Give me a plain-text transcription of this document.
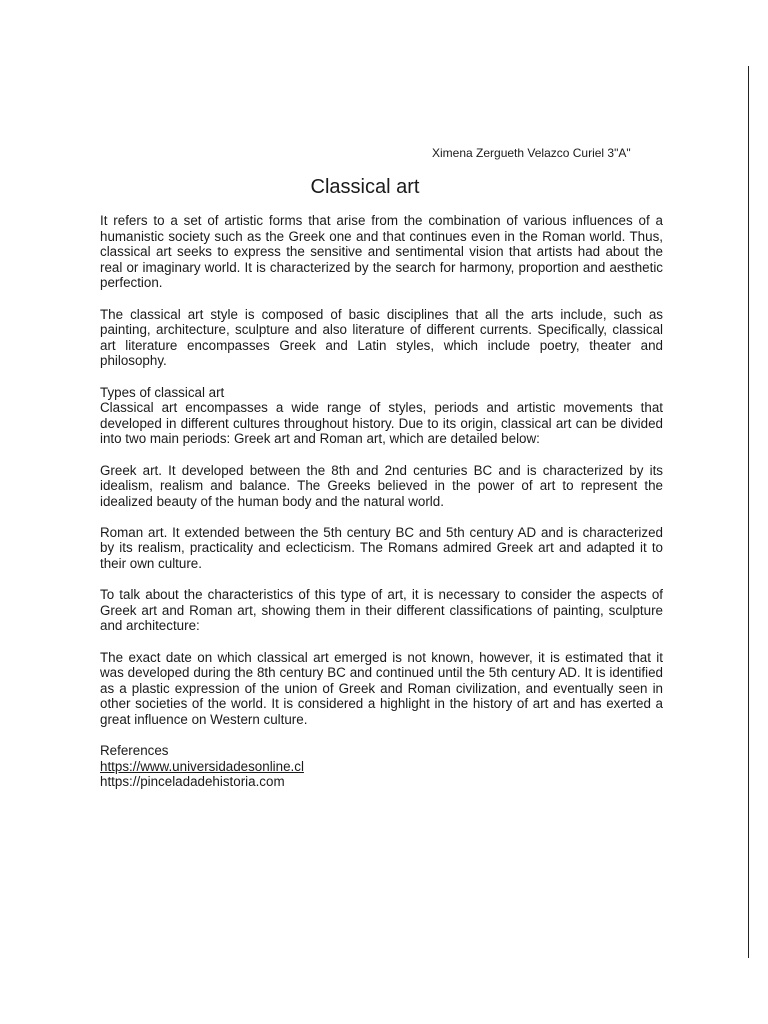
Ximena Zergueth Velazco Curiel 3"A"
Classical art

It refers to a set of artistic forms that arise from the combination of various influences of a humanistic society such as the Greek one and that continues even in the Roman world. Thus, classical art seeks to express the sensitive and sentimental vision that artists had about the real or imaginary world. It is characterized by the search for harmony, proportion and aesthetic perfection.

The classical art style is composed of basic disciplines that all the arts include, such as painting, architecture, sculpture and also literature of different currents. Specifically, classical art literature encompasses Greek and Latin styles, which include poetry, theater and philosophy.

Types of classical art

Classical art encompasses a wide range of styles, periods and artistic movements that developed in different cultures throughout history. Due to its origin, classical art can be divided into two main periods: Greek art and Roman art, which are detailed below:

Greek art. It developed between the 8th and 2nd centuries BC and is characterized by its idealism, realism and balance. The Greeks believed in the power of art to represent the idealized beauty of the human body and the natural world.

Roman art. It extended between the 5th century BC and 5th century AD and is characterized by its realism, practicality and eclecticism. The Romans admired Greek art and adapted it to their own culture.

To talk about the characteristics of this type of art, it is necessary to consider the aspects of Greek art and Roman art, showing them in their different classifications of painting, sculpture and architecture:

The exact date on which classical art emerged is not known, however, it is estimated that it was developed during the 8th century BC and continued until the 5th century AD. It is identified as a plastic expression of the union of Greek and Roman civilization, and eventually seen in other societies of the world. It is considered a highlight in the history of art and has exerted a great influence on Western culture.

References
https://www.universidadesonline.cl
https://pinceladadehistoria.com
